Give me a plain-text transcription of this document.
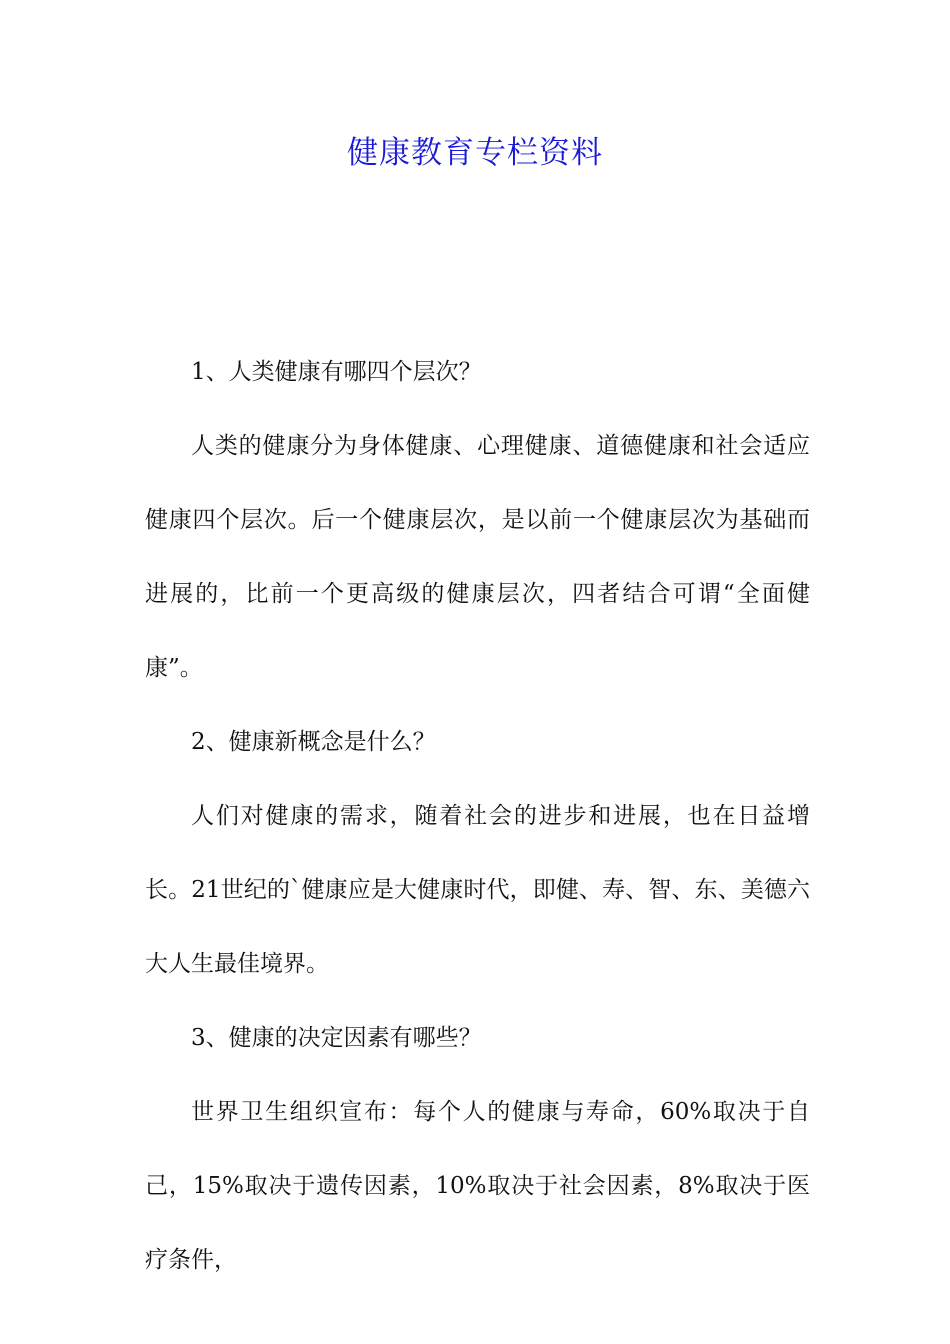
健康教育专栏资料

1、人类健康有哪四个层次？

人类的健康分为身体健康、心理健康、道德健康和社会适应健康四个层次。后一个健康层次，是以前一个健康层次为基础而进展的，比前一个更高级的健康层次，四者结合可谓“全面健康”。

2、健康新概念是什么？

人们对健康的需求，随着社会的进步和进展，也在日益增长。21世纪的`健康应是大健康时代，即健、寿、智、东、美德六大人生最佳境界。

3、健康的决定因素有哪些？

世界卫生组织宣布：每个人的健康与寿命，60%取决于自己，15%取决于遗传因素，10%取决于社会因素，8%取决于医疗条件，
